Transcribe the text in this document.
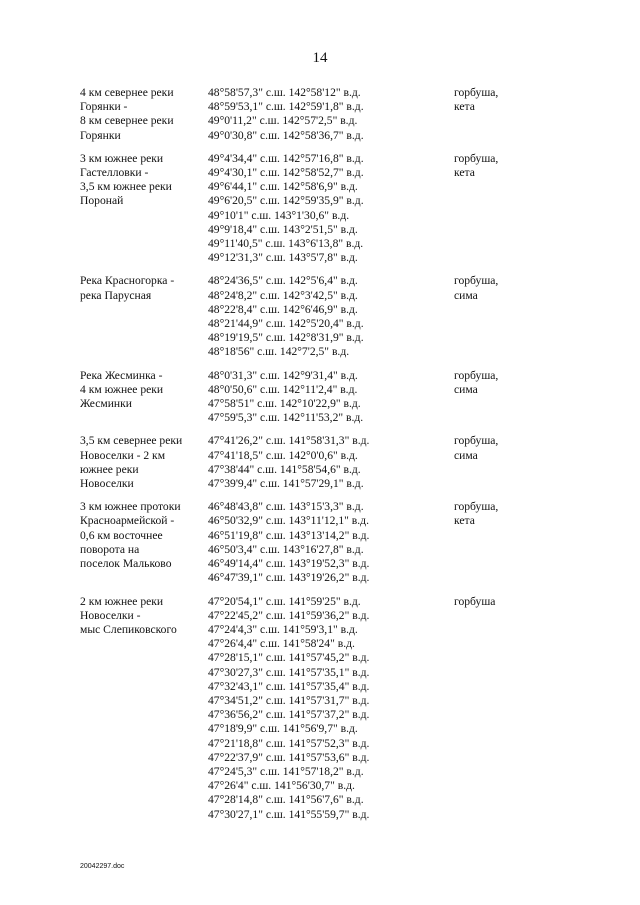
14
4 км севернее реки
Горянки -
8 км севернее реки
Горянки
48°58'57,3" с.ш. 142°58'12" в.д.
48°59'53,1" с.ш. 142°59'1,8" в.д.
49°0'11,2" с.ш. 142°57'2,5" в.д.
49°0'30,8" с.ш. 142°58'36,7" в.д.
горбуша,
кета
3 км южнее реки
Гастелловки -
3,5 км южнее реки
Поронай
49°4'34,4" с.ш. 142°57'16,8" в.д.
49°4'30,1" с.ш. 142°58'52,7" в.д.
49°6'44,1" с.ш. 142°58'6,9" в.д.
49°6'20,5" с.ш. 142°59'35,9" в.д.
49°10'1" с.ш. 143°1'30,6" в.д.
49°9'18,4" с.ш. 143°2'51,5" в.д.
49°11'40,5" с.ш. 143°6'13,8" в.д.
49°12'31,3" с.ш. 143°5'7,8" в.д.
горбуша,
кета
Река Красногорка -
река Парусная
48°24'36,5" с.ш. 142°5'6,4" в.д.
48°24'8,2" с.ш. 142°3'42,5" в.д.
48°22'8,4" с.ш. 142°6'46,9" в.д.
48°21'44,9" с.ш. 142°5'20,4" в.д.
48°19'19,5" с.ш. 142°8'31,9" в.д.
48°18'56" с.ш. 142°7'2,5" в.д.
горбуша,
сима
Река Жесминка -
4 км южнее реки
Жесминки
48°0'31,3" с.ш. 142°9'31,4" в.д.
48°0'50,6" с.ш. 142°11'2,4" в.д.
47°58'51" с.ш. 142°10'22,9" в.д.
47°59'5,3" с.ш. 142°11'53,2" в.д.
горбуша,
сима
3,5 км севернее реки
Новоселки - 2 км
южнее реки
Новоселки
47°41'26,2" с.ш. 141°58'31,3" в.д.
47°41'18,5" с.ш. 142°0'0,6" в.д.
47°38'44" с.ш. 141°58'54,6" в.д.
47°39'9,4" с.ш. 141°57'29,1" в.д.
горбуша,
сима
3 км южнее протоки
Красноармейской -
0,6 км восточнее
поворота на
поселок Мальково
46°48'43,8" с.ш. 143°15'3,3" в.д.
46°50'32,9" с.ш. 143°11'12,1" в.д.
46°51'19,8" с.ш. 143°13'14,2" в.д.
46°50'3,4" с.ш. 143°16'27,8" в.д.
46°49'14,4" с.ш. 143°19'52,3" в.д.
46°47'39,1" с.ш. 143°19'26,2" в.д.
горбуша,
кета
2 км южнее реки
Новоселки -
мыс Слепиковского
47°20'54,1" с.ш. 141°59'25" в.д.
47°22'45,2" с.ш. 141°59'36,2" в.д.
47°24'4,3" с.ш. 141°59'3,1" в.д.
47°26'4,4" с.ш. 141°58'24" в.д.
47°28'15,1" с.ш. 141°57'45,2" в.д.
47°30'27,3" с.ш. 141°57'35,1" в.д.
47°32'43,1" с.ш. 141°57'35,4" в.д.
47°34'51,2" с.ш. 141°57'31,7" в.д.
47°36'56,2" с.ш. 141°57'37,2" в.д.
47°18'9,9" с.ш. 141°56'9,7" в.д.
47°21'18,8" с.ш. 141°57'52,3" в.д.
47°22'37,9" с.ш. 141°57'53,6" в.д.
47°24'5,3" с.ш. 141°57'18,2" в.д.
47°26'4" с.ш. 141°56'30,7" в.д.
47°28'14,8" с.ш. 141°56'7,6" в.д.
47°30'27,1" с.ш. 141°55'59,7" в.д.
горбуша
20042297.doc
